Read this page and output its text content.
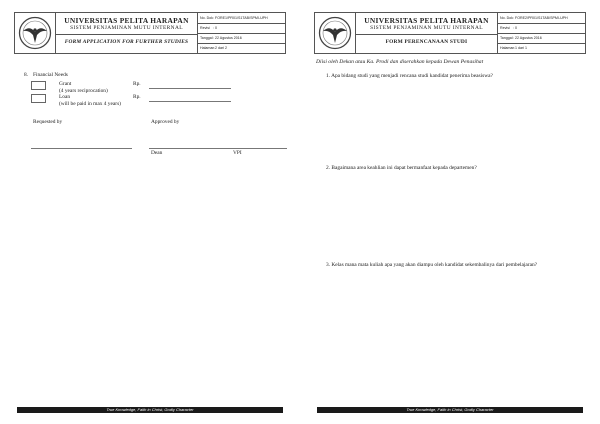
UNIVERSITAS PELITA HARAPAN
SISTEM PENJAMINAN MUTU INTERNAL
FORM APPLICATION FOR FURTHER STUDIES
No. Dok : FORE1/PR01/S1TAB/SPMI-UPH
Revisi : 0
Tanggal : 22 Agustus 2016
Halaman
: 2 dari 2
8. Financial Needs
Grant
(4 years reciprocation)
Rp.
Loan
(will be paid in max 4 years)
Rp.
Requested by	Approved by
Dean	VPI
True Knowledge, Faith in Christ, Godly Character
UNIVERSITAS PELITA HARAPAN
SISTEM PENJAMINAN MUTU INTERNAL
FORM PERENCANAAN STUDI
No. Dok : FORE2/PR01/S1TAB/SPMI-UPH
Revisi : 0
Tanggal : 22 Agustus 2016
Halaman
: 1 dari 1
Diisi oleh Dekan atau Ka. Prodi dan diserahkan kepada Dewan Penasihat
1. Apa bidang studi yang menjadi rencana studi kandidat penerima beasiswa?
2. Bagaimana area keahlian ini dapat bermanfaat kepada departemen?
3. Kelas mana mata kuliah apa yang akan diampu oleh kandidat sekembalinya dari pembelajaran?
True Knowledge, Faith in Christ, Godly Character
